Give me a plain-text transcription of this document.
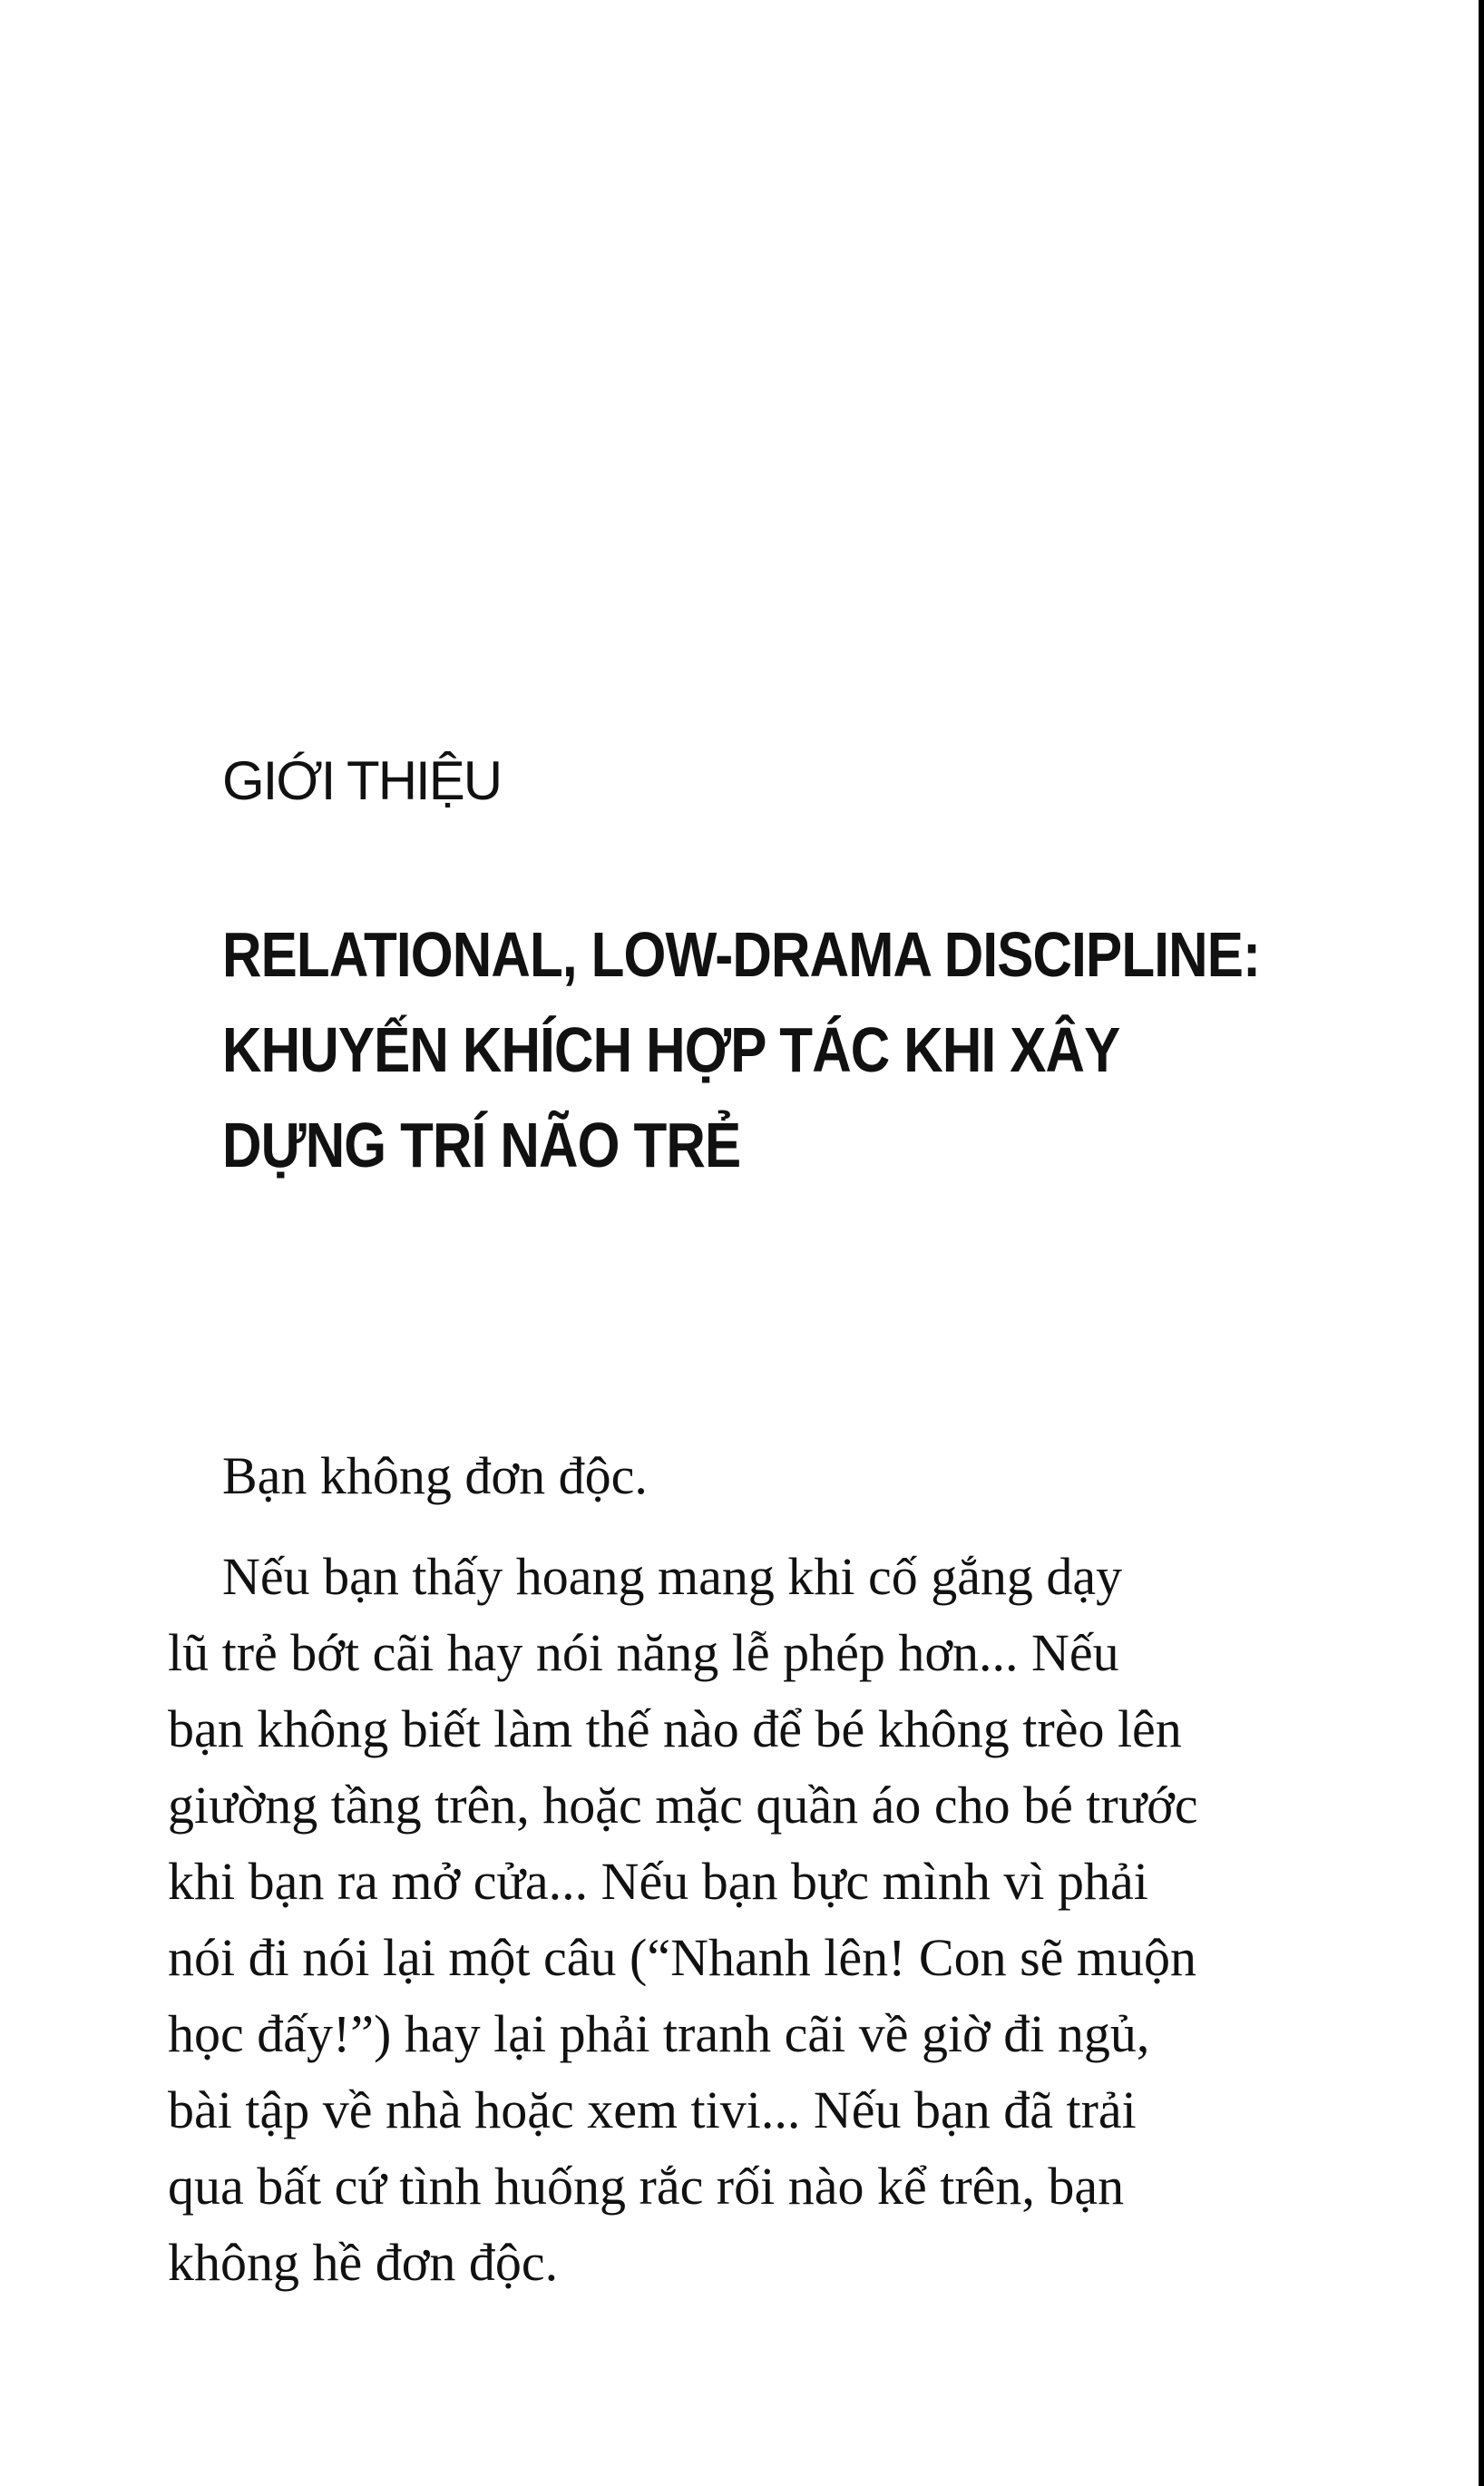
GIỚI THIỆU
RELATIONAL, LOW-DRAMA DISCIPLINE:
KHUYẾN KHÍCH HỢP TÁC KHI XÂY
DỰNG TRÍ NÃO TRẺ

Bạn không đơn độc.

Nếu bạn thấy hoang mang khi cố gắng dạy
lũ trẻ bớt cãi hay nói năng lễ phép hơn... Nếu
bạn không biết làm thế nào để bé không trèo lên
giường tầng trên, hoặc mặc quần áo cho bé trước
khi bạn ra mở cửa... Nếu bạn bực mình vì phải
nói đi nói lại một câu (“Nhanh lên! Con sẽ muộn
học đấy!”) hay lại phải tranh cãi về giờ đi ngủ,
bài tập về nhà hoặc xem tivi... Nếu bạn đã trải
qua bất cứ tình huống rắc rối nào kể trên, bạn
không hề đơn độc.
